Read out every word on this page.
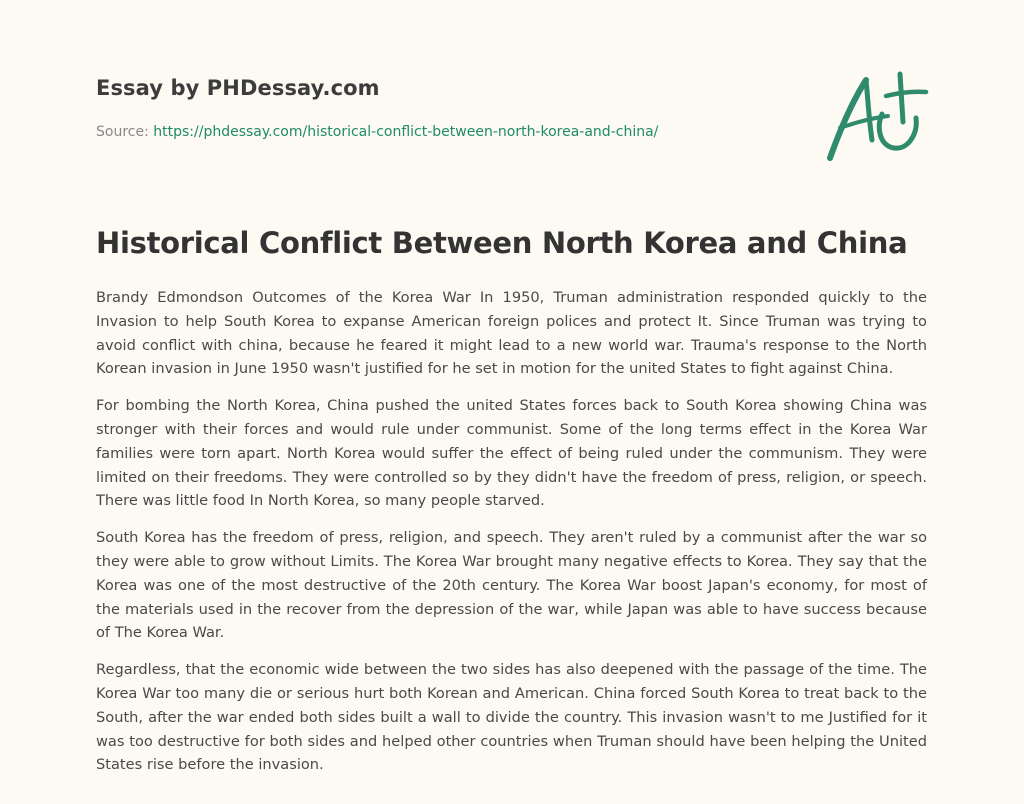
Essay by PHDessay.com
Source: https://phdessay.com/historical-conflict-between-north-korea-and-china/
Historical Conflict Between North Korea and China

Brandy Edmondson Outcomes of the Korea War In 1950, Truman administration responded quickly to the Invasion to help South Korea to expanse American foreign polices and protect It. Since Truman was trying to avoid conflict with china, because he feared it might lead to a new world war. Trauma's response to the North Korean invasion in June 1950 wasn't justified for he set in motion for the united States to fight against China.

For bombing the North Korea, China pushed the united States forces back to South Korea showing China was stronger with their forces and would rule under communist. Some of the long terms effect in the Korea War families were torn apart. North Korea would suffer the effect of being ruled under the communism. They were limited on their freedoms. They were controlled so by they didn't have the freedom of press, religion, or speech. There was little food In North Korea, so many people starved.

South Korea has the freedom of press, religion, and speech. They aren't ruled by a communist after the war so they were able to grow without Limits. The Korea War brought many negative effects to Korea. They say that the Korea was one of the most destructive of the 20th century. The Korea War boost Japan's economy, for most of the materials used in the recover from the depression of the war, while Japan was able to have success because of The Korea War.

Regardless, that the economic wide between the two sides has also deepened with the passage of the time. The Korea War too many die or serious hurt both Korean and American. China forced South Korea to treat back to the South, after the war ended both sides built a wall to divide the country. This invasion wasn't to me Justified for it was too destructive for both sides and helped other countries when Truman should have been helping the United States rise before the invasion.
